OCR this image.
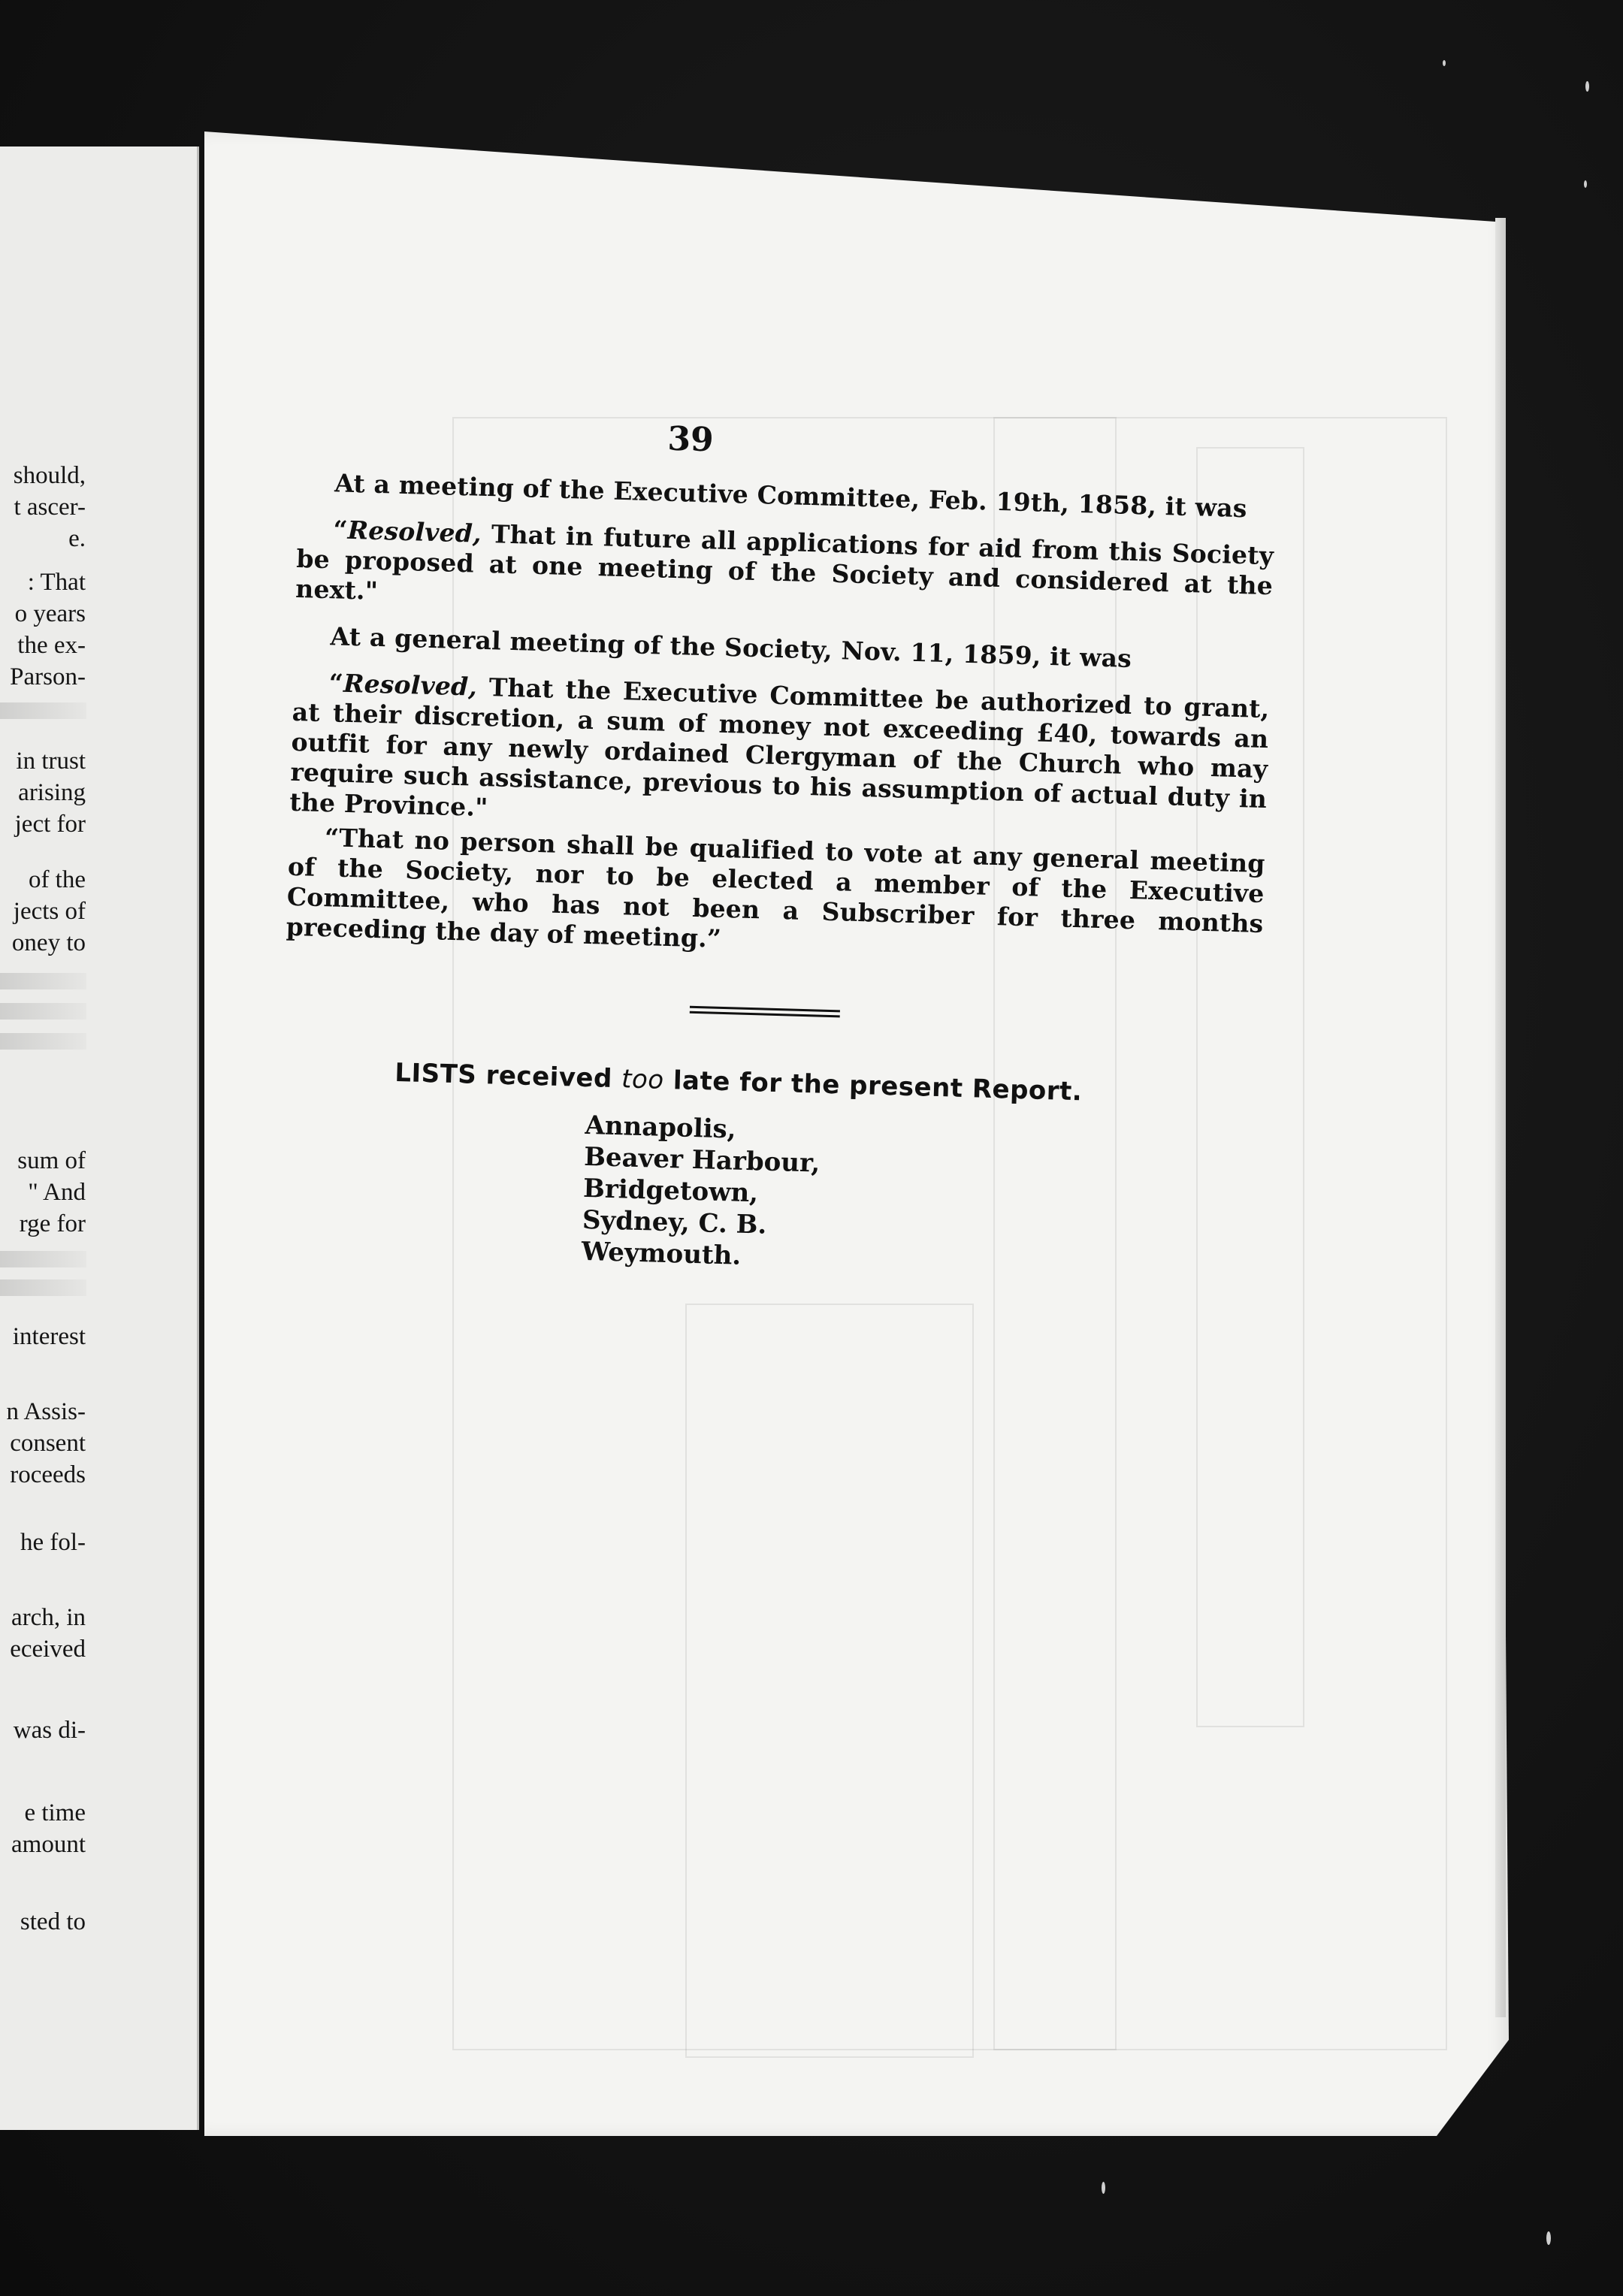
should,
t ascer-
e.
: That
o years
the ex-
Parson-
in trust
arising
ject for
of the
jects of
oney to
sum of
" And
rge for
interest
n Assis-
consent
roceeds
he fol-
arch, in
eceived
was di-
e time
amount
sted to
39

At a meeting of the Executive Committee, Feb. 19th, 1858, it was

“Resolved, That in future all applications for aid from this Society be proposed at one meeting of the Society and considered at the next."

At a general meeting of the Society, Nov. 11, 1859, it was

“Resolved, That the Executive Committee be authorized to grant, at their discretion, a sum of money not exceeding £40, towards an outfit for any newly ordained Clergyman of the Church who may require such assistance, previous to his assumption of actual duty in the Province."

“That no person shall be qualified to vote at any general meeting of the Society, nor to be elected a member of the Executive Committee, who has not been a Subscriber for three months preceding the day of meeting.”

LISTS received too late for the present Report.
Annapolis,
Beaver Harbour,
Bridgetown,
Sydney, C. B.
Weymouth.
